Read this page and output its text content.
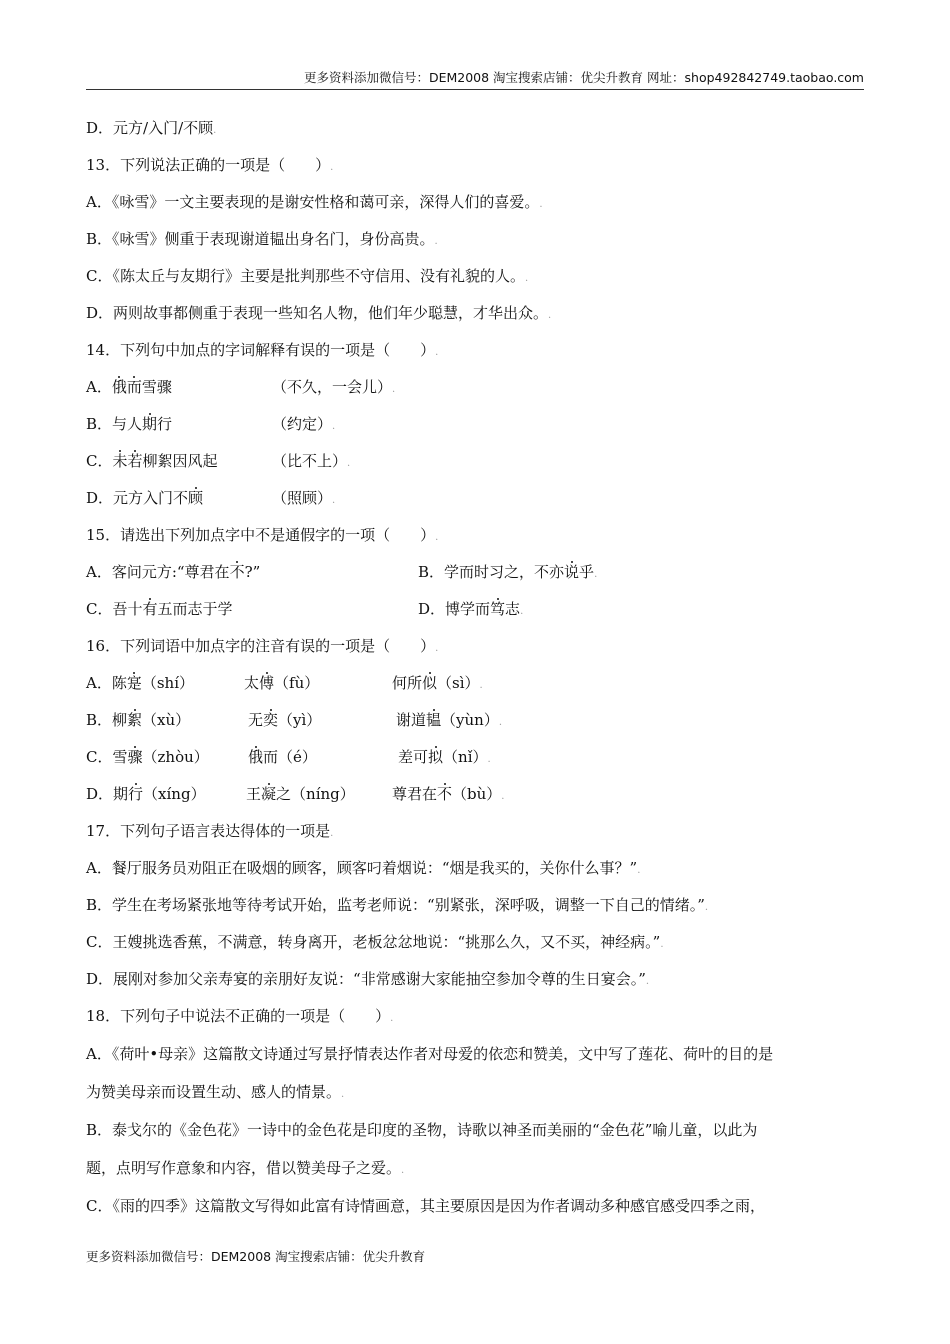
更多资料添加微信号：DEM2008 淘宝搜索店铺：优尖升教育 网址：shop492842749.taobao.com
D．元方/入门/不顾.
13．下列说法正确的一项是（　　）.
A．《咏雪》一文主要表现的是谢安性格和蔼可亲，深得人们的喜爱。.
B．《咏雪》侧重于表现谢道韫出身名门，身份高贵。.
C．《陈太丘与友期行》主要是批判那些不守信用、没有礼貌的人。.
D．两则故事都侧重于表现一些知名人物，他们年少聪慧，才华出众。.
14．下列句中加点的字词解释有误的一项是（　　）.
A．俄而雪骤	（不久，一会儿）.
B．与人期行	（约定）.
C．未若柳絮因风起	（比不上）.
D．元方入门不顾	（照顾）.
15．请选出下列加点字中不是通假字的一项（　　）.
A．客问元方:“尊君在不?”	B．学而时习之，不亦说乎.
C．吾十有五而志于学	D．博学而笃志.
16．下列词语中加点字的注音有误的一项是（　　）.
A．陈寔（shí）	太傅（fù）	何所似（sì）.
B．柳絮（xù）	无奕（yì）	谢道韫（yùn）.
C．雪骤（zhòu）	俄而（é）	差可拟（nǐ）.
D．期行（xíng）	王凝之（níng） 尊君在不（bù）.
17．下列句子语言表达得体的一项是.
A．餐厅服务员劝阻正在吸烟的顾客，顾客叼着烟说：“烟是我买的，关你什么事？”.
B．学生在考场紧张地等待考试开始，监考老师说：“别紧张，深呼吸，调整一下自己的情绪。”.
C．王嫂挑选香蕉，不满意，转身离开，老板忿忿地说：“挑那么久，又不买，神经病。”.
D．展刚对参加父亲寿宴的亲朋好友说：“非常感谢大家能抽空参加令尊的生日宴会。”.
18．下列句子中说法不正确的一项是（　　）.
A．《荷叶•母亲》这篇散文诗通过写景抒情表达作者对母爱的依恋和赞美，文中写了莲花、荷叶的目的是
为赞美母亲而设置生动、感人的情景。.
B．泰戈尔的《金色花》一诗中的金色花是印度的圣物，诗歌以神圣而美丽的“金色花”喻儿童，以此为
题，点明写作意象和内容，借以赞美母子之爱。.
C．《雨的四季》这篇散文写得如此富有诗情画意，其主要原因是因为作者调动多种感官感受四季之雨，
更多资料添加微信号：DEM2008 淘宝搜索店铺：优尖升教育
